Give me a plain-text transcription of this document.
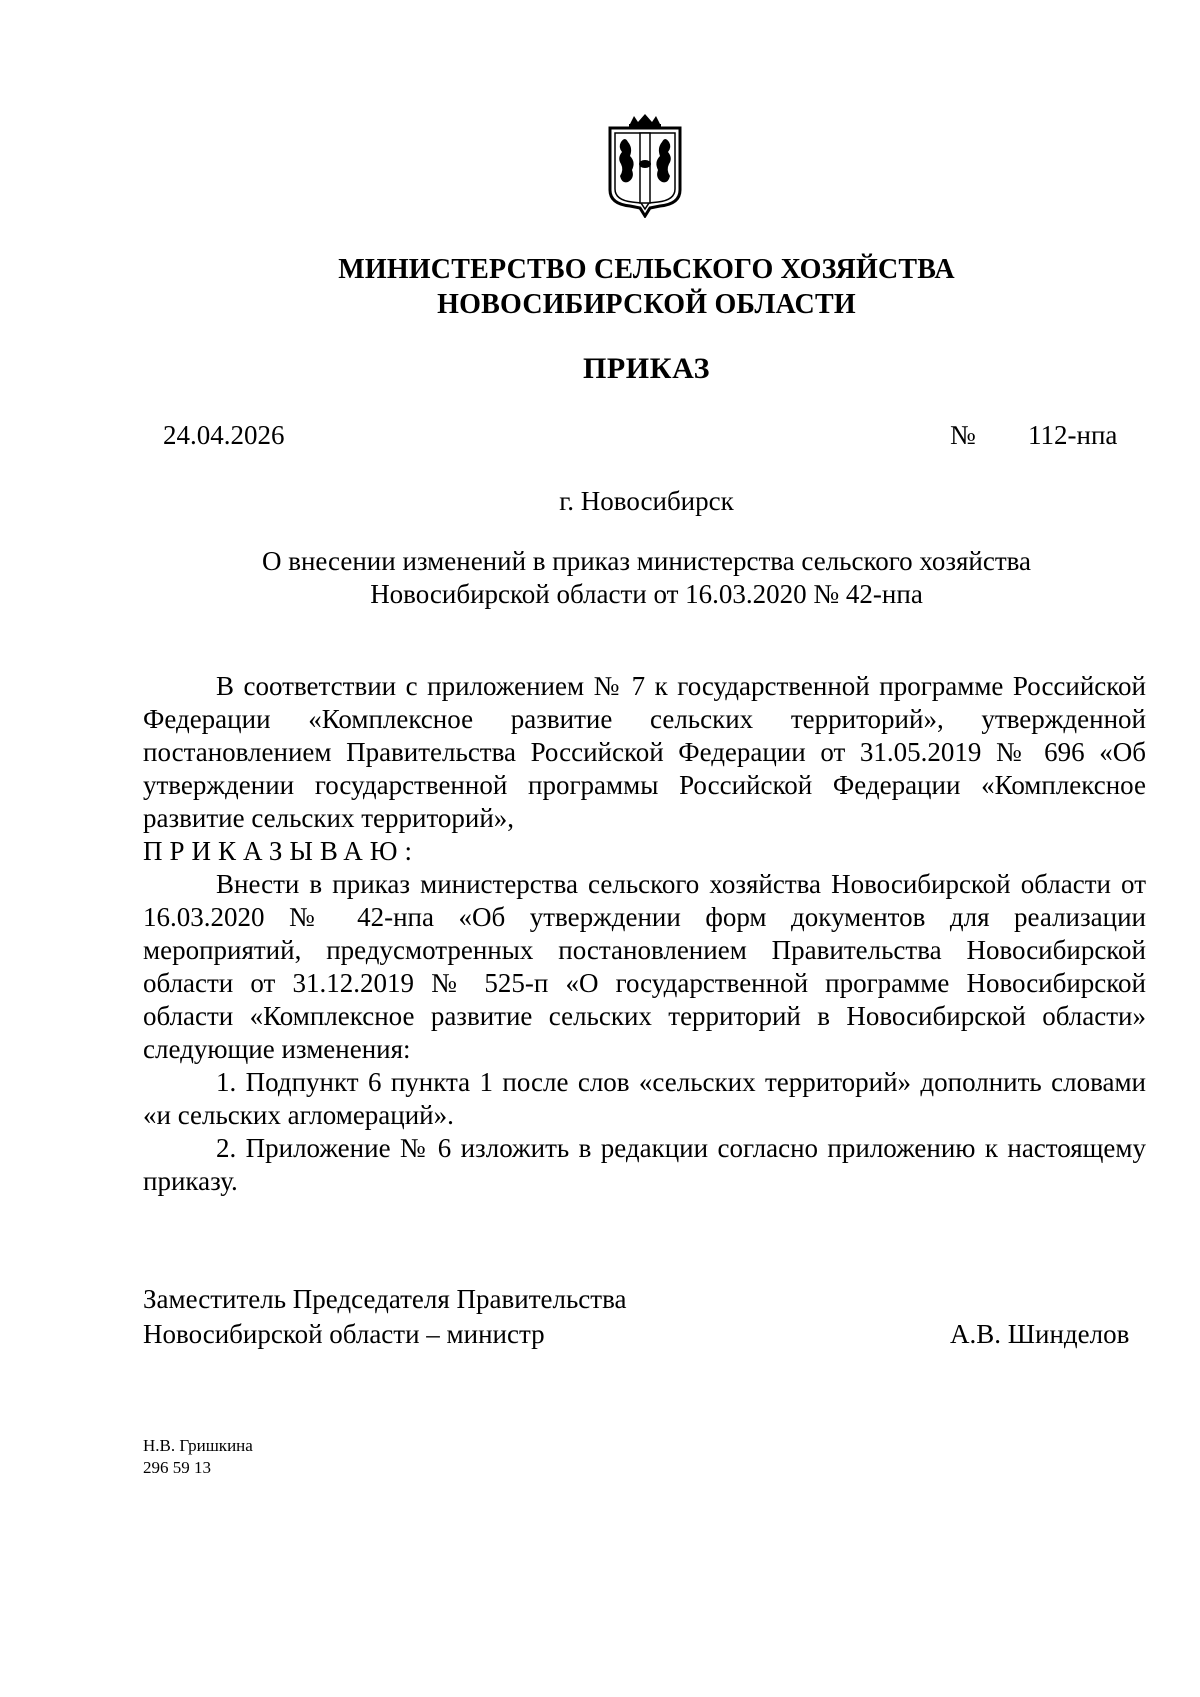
МИНИСТЕРСТВО СЕЛЬСКОГО ХОЗЯЙСТВА
НОВОСИБИРСКОЙ ОБЛАСТИ
ПРИКАЗ
24.04.2026	№ 112-нпа
г. Новосибирск
О внесении изменений в приказ министерства сельского хозяйства
Новосибирской области от 16.03.2020 № 42-нпа

В соответствии с приложением № 7 к государственной программе Российской Федерации «Комплексное развитие сельских территорий», утвержденной постановлением Правительства Российской Федерации от 31.05.2019 № 696 «Об утверждении государственной программы Российской Федерации «Комплексное развитие сельских территорий»,

ПРИКАЗЫВАЮ:

Внести в приказ министерства сельского хозяйства Новосибирской области от 16.03.2020 № 42-нпа «Об утверждении форм документов для реализации мероприятий, предусмотренных постановлением Правительства Новосибирской области от 31.12.2019 № 525-п «О государственной программе Новосибирской области «Комплексное развитие сельских территорий в Новосибирской области» следующие изменения:

1. Подпункт 6 пункта 1 после слов «сельских территорий» дополнить словами «и сельских агломераций».

2. Приложение № 6 изложить в редакции согласно приложению к настоящему приказу.

Заместитель Председателя Правительства
Новосибирской области – министр	А.В. Шинделов
Н.В. Гришкина
296 59 13
